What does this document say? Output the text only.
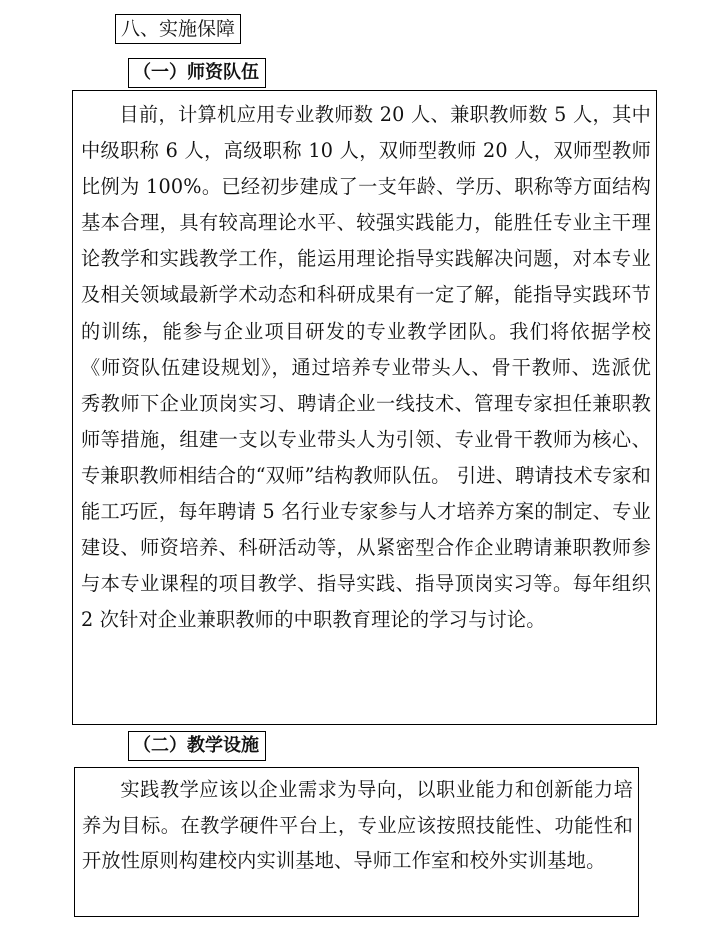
八、实施保障
（一）师资队伍

目前，计算机应用专业教师数 20 人、兼职教师数 5 人，其中中级职称 6 人，高级职称 10 人，双师型教师 20 人，双师型教师比例为 100%。已经初步建成了一支年龄、学历、职称等方面结构基本合理，具有较高理论水平、较强实践能力，能胜任专业主干理论教学和实践教学工作，能运用理论指导实践解决问题，对本专业及相关领域最新学术动态和科研成果有一定了解，能指导实践环节的训练，能参与企业项目研发的专业教学团队。我们将依据学校《师资队伍建设规划》，通过培养专业带头人、骨干教师、选派优秀教师下企业顶岗实习、聘请企业一线技术、管理专家担任兼职教师等措施，组建一支以专业带头人为引领、专业骨干教师为核心、专兼职教师相结合的“双师”结构教师队伍。 引进、聘请技术专家和能工巧匠，每年聘请 5 名行业专家参与人才培养方案的制定、专业建设、师资培养、科研活动等，从紧密型合作企业聘请兼职教师参与本专业课程的项目教学、指导实践、指导顶岗实习等。每年组织 2 次针对企业兼职教师的中职教育理论的学习与讨论。

（二）教学设施

实践教学应该以企业需求为导向，以职业能力和创新能力培养为目标。在教学硬件平台上，专业应该按照技能性、功能性和开放性原则构建校内实训基地、导师工作室和校外实训基地。
